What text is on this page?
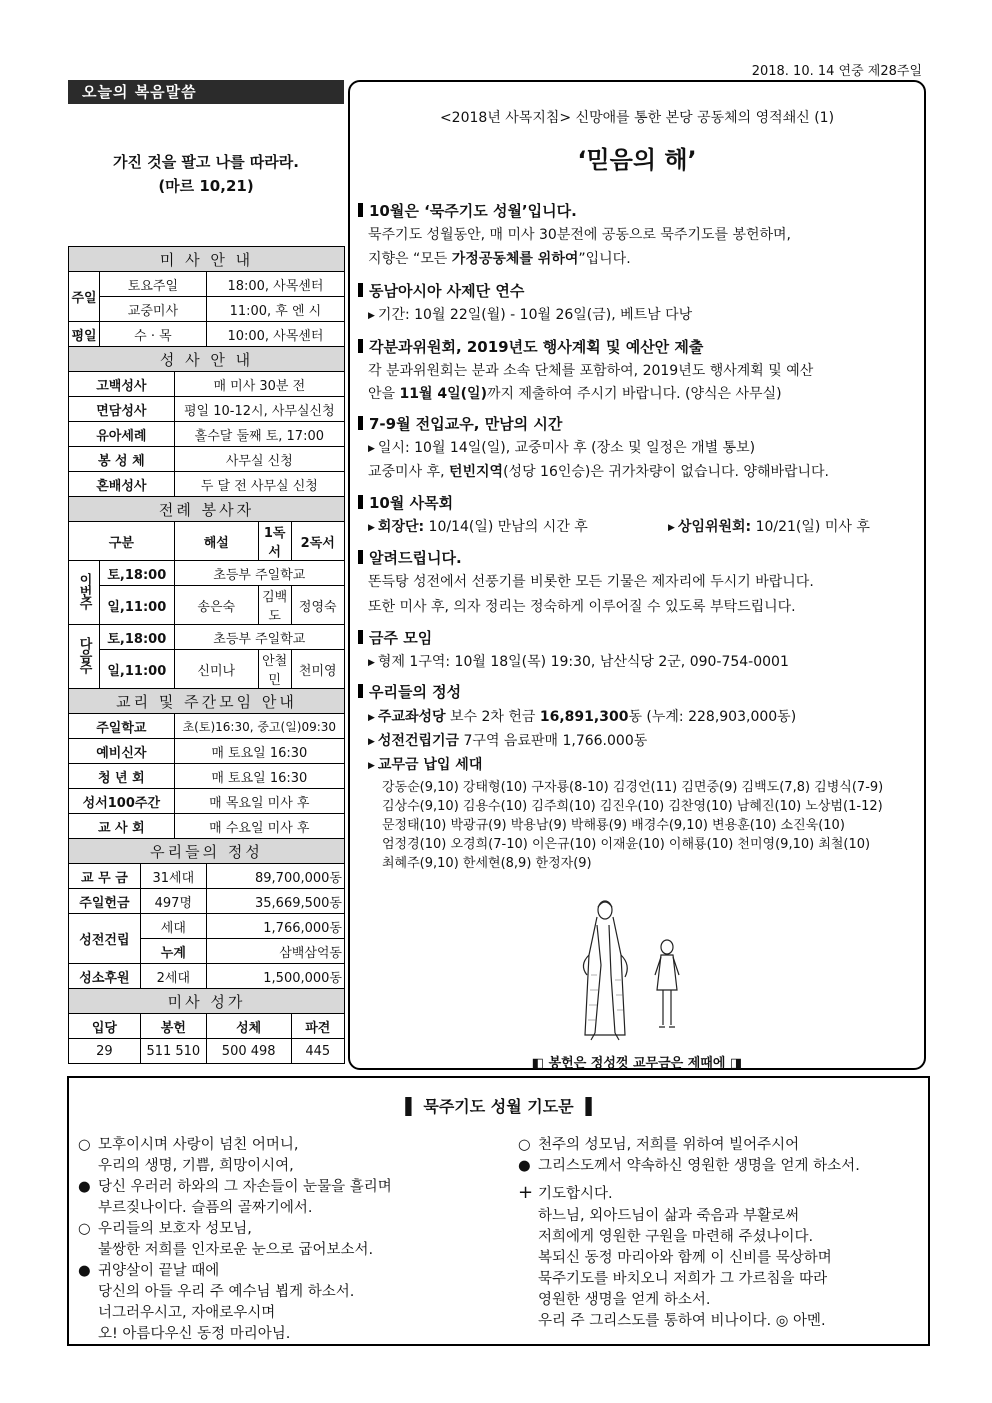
2018. 10. 14 연중 제28주일
오늘의 복음말씀
가진 것을 팔고 나를 따라라.
(마르 10,21)
미 사 안 내						
주일	토요주일			18:00, 사목센터		
	교중미사			11:00, 후 엔 시		
평일	수 · 목			10:00, 사목센터		
성 사 안 내						
고백성사			매 미사 30분 전			
면담성사			평일 10-12시, 사무실신청			
유아세례			홀수달 둘째 토, 17:00			
봉 성 체			사무실 신청			
혼배성사			두 달 전 사무실 신청			
전례 봉사자						
구분			해설		1독서	2독서
이번주	토,18:00		초등부 주일학교			
	일,11:00		송은숙		김백도	정영숙
다음주	토,18:00		초등부 주일학교			
	일,11:00		신미나		안철민	천미영
교리 및 주간모임 안내						
주일학교			초(토)16:30, 중고(일)09:30			
예비신자			매 토요일 16:30			
청 년 회			매 토요일 16:30			
성서100주간			매 목요일 미사 후			
교 사 회			매 수요일 미사 후			
우리들의 정성						
교 무 금		31세대		89,700,000동		
주일헌금		497명		35,669,500동		
성전건립		세대		1,766,000동		
		누계		삼백삼억동		
성소후원		2세대		1,500,000동		
미사 성가						
입당		봉헌		성체		파견
29		511 510		500 498		445
<2018년 사목지침> 신망애를 통한 본당 공동체의 영적쇄신 (1)
‘믿음의 해’
10월은 ‘묵주기도 성월’입니다.
묵주기도 성월동안, 매 미사 30분전에 공동으로 묵주기도를 봉헌하며,
지향은 “모든 가정공동체를 위하여”입니다.
동남아시아 사제단 연수
▶ 기간: 10월 22일(월) - 10월 26일(금), 베트남 다낭
각분과위원회, 2019년도 행사계획 및 예산안 제출
각 분과위원회는 분과 소속 단체를 포함하여, 2019년도 행사계획 및 예산
안을 11월 4일(일)까지 제출하여 주시기 바랍니다. (양식은 사무실)
7-9월 전입교우, 만남의 시간
▶ 일시: 10월 14일(일), 교중미사 후 (장소 및 일정은 개별 통보)
교중미사 후, 턴빈지역(성당 16인승)은 귀가차량이 없습니다. 양해바랍니다.
10월 사목회
▶ 회장단: 10/14(일) 만남의 시간 후	▶ 상임위원회: 10/21(일) 미사 후
알려드립니다.
똔득탕 성전에서 선풍기를 비롯한 모든 기물은 제자리에 두시기 바랍니다.
또한 미사 후, 의자 정리는 정숙하게 이루어질 수 있도록 부탁드립니다.
금주 모임
▶ 형제 1구역: 10월 18일(목) 19:30, 남산식당 2군, 090-754-0001
우리들의 정성
▶ 주교좌성당 보수 2차 헌금 16,891,300동 (누계: 228,903,000동)
▶ 성전건립기금 7구역 음료판매 1,766.000동
▶ 교무금 납입 세대
강동순(9,10) 강태형(10) 구자룡(8-10) 김경언(11) 김면중(9) 김백도(7,8) 김병식(7-9)
김상수(9,10) 김용수(10) 김주희(10) 김진우(10) 김찬영(10) 남혜진(10) 노상범(1-12)
문정태(10) 박광규(9) 박용남(9) 박해룡(9) 배경수(9,10) 변용훈(10) 소진욱(10)
엄정경(10) 오경희(7-10) 이은규(10) 이재윤(10) 이해룡(10) 천미영(9,10) 최철(10)
최혜주(9,10) 한세현(8,9) 한정자(9)
◧ 봉헌은 정성껏 교무금은 제때에 ◨
▌ 묵주기도 성월 기도문 ▐
○ 모후이시며 사랑이 넘친 어머니,
우리의 생명, 기쁨, 희망이시여,
● 당신 우러러 하와의 그 자손들이 눈물을 흘리며
부르짖나이다. 슬픔의 골짜기에서.
○ 우리들의 보호자 성모님,
불쌍한 저희를 인자로운 눈으로 굽어보소서.
● 귀양살이 끝날 때에
당신의 아들 우리 주 예수님 뵙게 하소서.
너그러우시고, 자애로우시며
오! 아름다우신 동정 마리아님.
○ 천주의 성모님, 저희를 위하여 빌어주시어
● 그리스도께서 약속하신 영원한 생명을 얻게 하소서.
+ 기도합시다.
하느님, 외아드님이 삶과 죽음과 부활로써
저희에게 영원한 구원을 마련해 주셨나이다.
복되신 동정 마리아와 함께 이 신비를 묵상하며
묵주기도를 바치오니 저희가 그 가르침을 따라
영원한 생명을 얻게 하소서.
우리 주 그리스도를 통하여 비나이다. ◎ 아멘.
